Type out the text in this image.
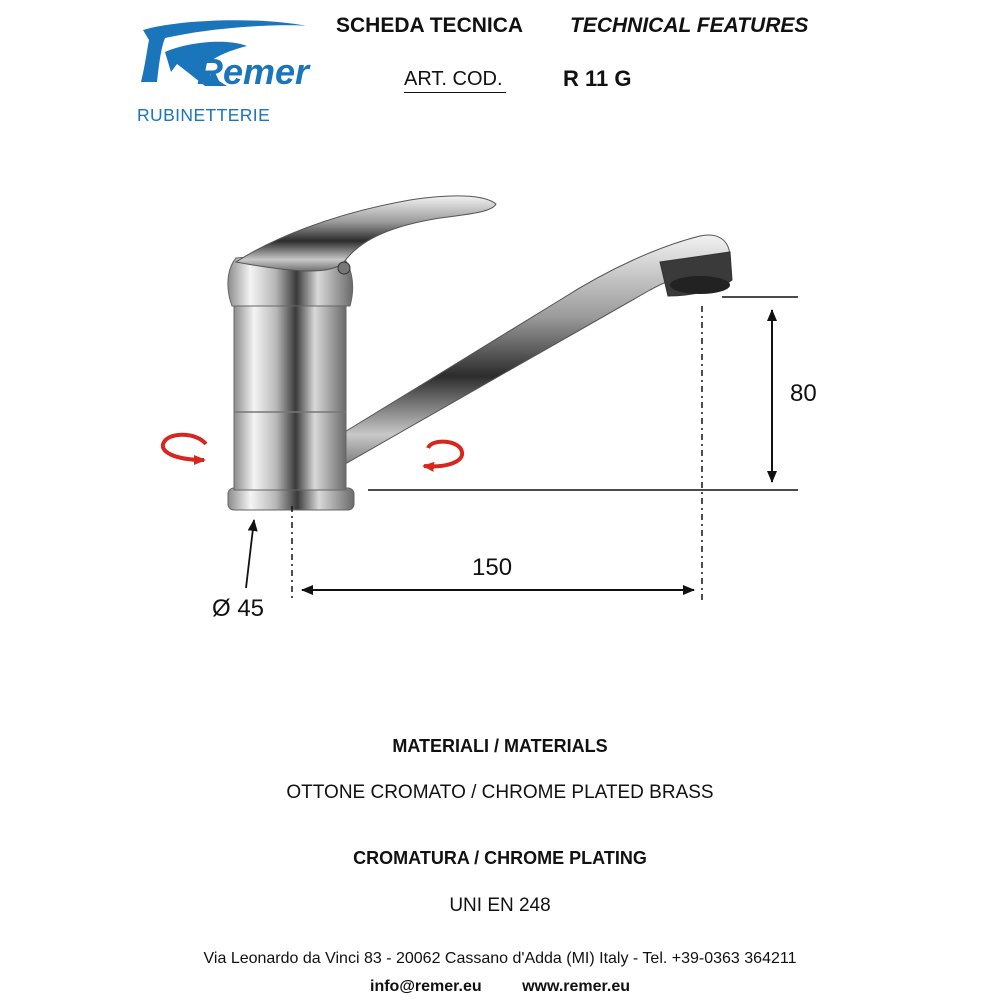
Remer
RUBINETTERIE
SCHEDA TECNICA TECHNICAL FEATURES
ART. COD.	R 11 G
80
150
Ø 45
MATERIALI / MATERIALS
OTTONE CROMATO / CHROME PLATED BRASS
CROMATURA / CHROME PLATING
UNI EN 248
Via Leonardo da Vinci 83 - 20062 Cassano d'Adda (MI) Italy - Tel. +39-0363 364211
info@remer.eu	www.remer.eu
